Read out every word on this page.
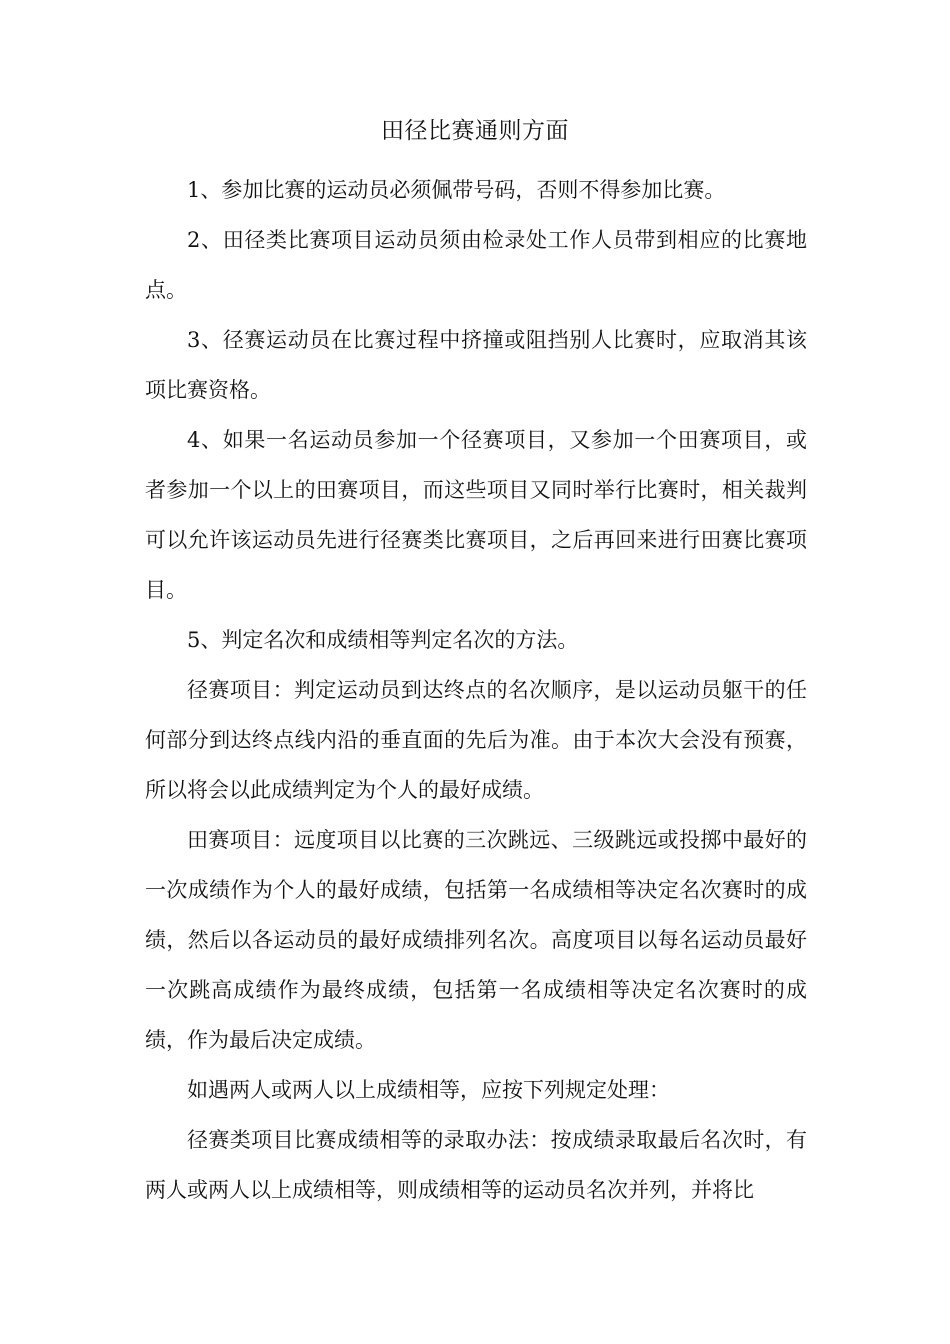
田径比赛通则方面

1、参加比赛的运动员必须佩带号码，否则不得参加比赛。

2、田径类比赛项目运动员须由检录处工作人员带到相应的比赛地点。

3、径赛运动员在比赛过程中挤撞或阻挡别人比赛时，应取消其该项比赛资格。

4、如果一名运动员参加一个径赛项目，又参加一个田赛项目，或者参加一个以上的田赛项目，而这些项目又同时举行比赛时，相关裁判可以允许该运动员先进行径赛类比赛项目，之后再回来进行田赛比赛项目。

5、判定名次和成绩相等判定名次的方法。

径赛项目：判定运动员到达终点的名次顺序，是以运动员躯干的任何部分到达终点线内沿的垂直面的先后为准。由于本次大会没有预赛，所以将会以此成绩判定为个人的最好成绩。

田赛项目：远度项目以比赛的三次跳远、三级跳远或投掷中最好的一次成绩作为个人的最好成绩，包括第一名成绩相等决定名次赛时的成绩，然后以各运动员的最好成绩排列名次。高度项目以每名运动员最好一次跳高成绩作为最终成绩，包括第一名成绩相等决定名次赛时的成绩，作为最后决定成绩。

如遇两人或两人以上成绩相等，应按下列规定处理：

径赛类项目比赛成绩相等的录取办法：按成绩录取最后名次时，有两人或两人以上成绩相等，则成绩相等的运动员名次并列，并将比
